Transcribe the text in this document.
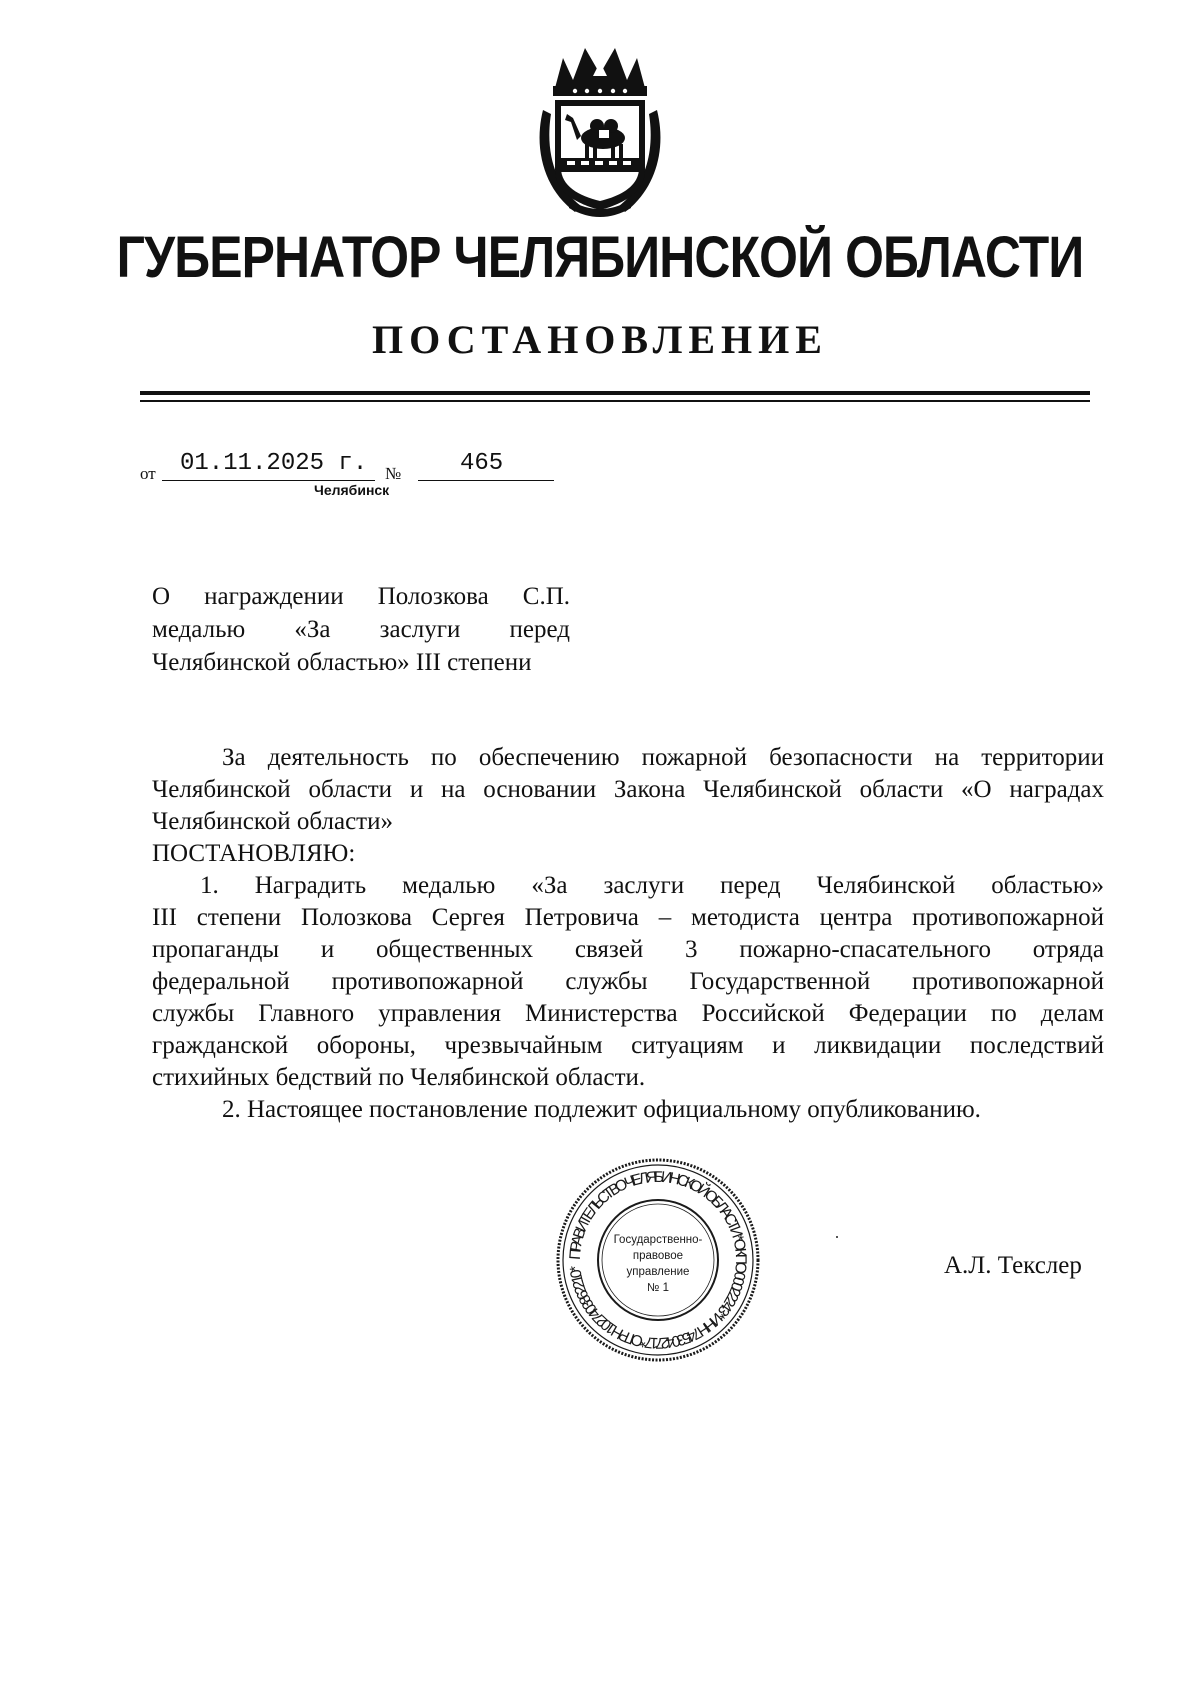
ГУБЕРНАТОР ЧЕЛЯБИНСКОЙ ОБЛАСТИ
ПОСТАНОВЛЕНИЕ
от 01.11.2025 г. № 465
Челябинск
О награждении Полозкова С.П.
медалью «За заслуги перед
Челябинской областью» III степени
За деятельность по обеспечению пожарной безопасности на территории
Челябинской области и на основании Закона Челябинской области «О наградах
Челябинской области»
ПОСТАНОВЛЯЮ:
1. Наградить медалью «За заслуги перед Челябинской областью»
III степени Полозкова Сергея Петровича – методиста центра противопожарной
пропаганды и общественных связей 3 пожарно-спасательного отряда
федеральной противопожарной службы Государственной противопожарной
службы Главного управления Министерства Российской Федерации по делам
гражданской обороны, чрезвычайным ситуациям и ликвидации последствий
стихийных бедствий по Челябинской области.
2. Настоящее постановление подлежит официальному опубликованию.
ПРАВИТЕЛЬСТВО ЧЕЛЯБИНСКОЙ ОБЛАСТИ * ОКПО 00022243 * ИНН 7453042717 * ОГРН 1027403862210 *
Государственно-
правовое
управление
№ 1
А.Л. Текслер
